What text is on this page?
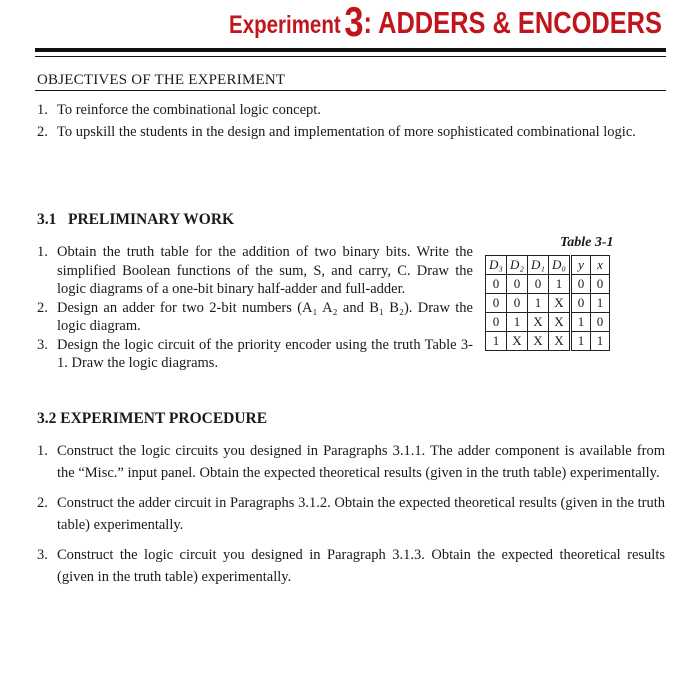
Experiment 3: ADDERS & ENCODERS
OBJECTIVES OF THE EXPERIMENT
1. To reinforce the combinational logic concept.
2. To upskill the students in the design and implementation of more sophisticated combinational logic.
3.1 PRELIMINARY WORK
1. Obtain the truth table for the addition of two binary bits. Write the simplified Boolean functions of the sum, S, and carry, C. Draw the logic diagrams of a one-bit binary half-adder and full-adder.
2. Design an adder for two 2-bit numbers (A₁ A₂ and B₁ B₂). Draw the logic diagram.
3. Design the logic circuit of the priority encoder using the truth Table 3-1. Draw the logic diagrams.
Table 3-1
D₃	D₂	D₁	D₀	y	x
0	0	0	1	0	0
0	0	1	X	0	1
0	1	X	X	1	0
1	X	X	X	1	1
3.2 EXPERIMENT PROCEDURE
1. Construct the logic circuits you designed in Paragraphs 3.1.1. The adder component is available from the “Misc.” input panel. Obtain the expected theoretical results (given in the truth table) experimentally.
2. Construct the adder circuit in Paragraphs 3.1.2. Obtain the expected theoretical results (given in the truth table) experimentally.
3. Construct the logic circuit you designed in Paragraph 3.1.3. Obtain the expected theoretical results (given in the truth table) experimentally.
